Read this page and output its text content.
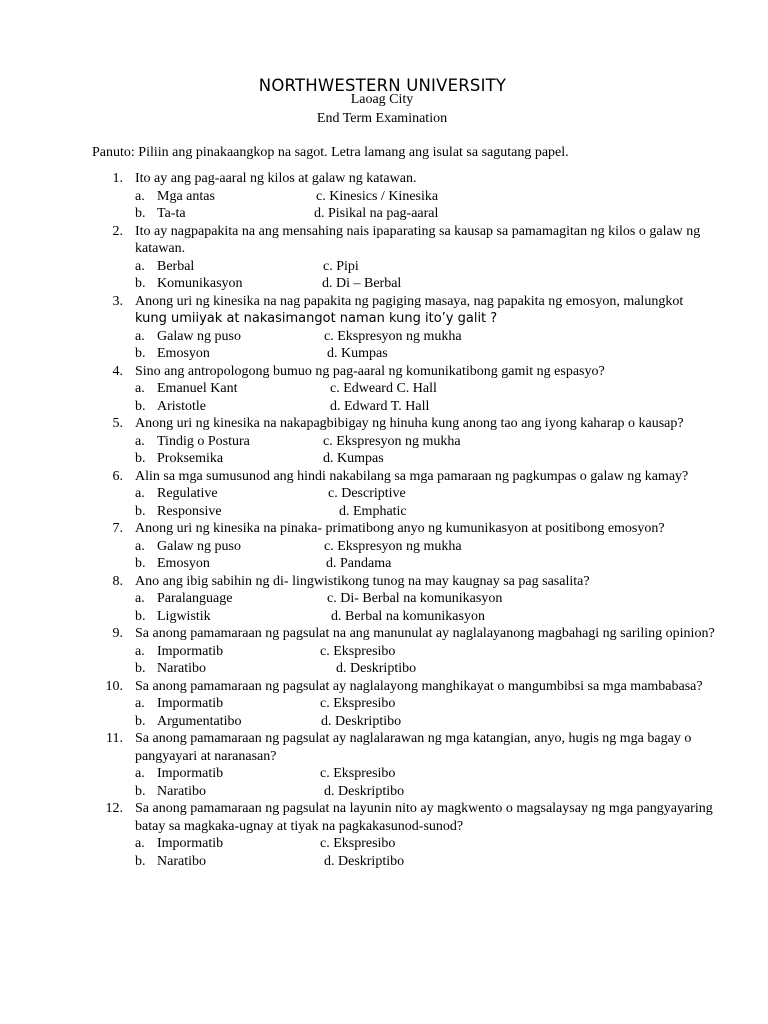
NORTHWESTERN UNIVERSITY
Laoag City
End Term Examination
Panuto: Piliin ang pinakaangkop na sagot. Letra lamang ang isulat sa sagutang papel.
1. Ito ay ang pag-aaral ng kilos at galaw ng katawan.
a. Mga antas
b. Ta-ta
c. Kinesics / Kinesika
d. Pisikal na pag-aaral
2. Ito ay nagpapakita na ang mensahing nais ipaparating sa kausap sa pamamagitan ng kilos o galaw ng katawan.
a. Berbal
b. Komunikasyon
c. Pipi
d. Di – Berbal
3. Anong uri ng kinesika na nag papakita ng pagiging masaya, nag papakita ng emosyon, malungkot
kung umiiyak at nakasimangot naman kung ito’y galit ?
a. Galaw ng puso
b. Emosyon
c. Ekspresyon ng mukha
d. Kumpas
4. Sino ang antropologong bumuo ng pag-aaral ng komunikatibong gamit ng espasyo?
a. Emanuel Kant
b. Aristotle
c. Edweard C. Hall
d. Edward T. Hall
5. Anong uri ng kinesika na nakapagbibigay ng hinuha kung anong tao ang iyong kaharap o kausap?
a. Tindig o Postura
b. Proksemika
c. Ekspresyon ng mukha
d. Kumpas
6. Alin sa mga sumusunod ang hindi nakabilang sa mga pamaraan ng pagkumpas o galaw ng kamay?
a. Regulative
b. Responsive
c. Descriptive
d. Emphatic
7. Anong uri ng kinesika na pinaka- primatibong anyo ng kumunikasyon at positibong emosyon?
a. Galaw ng puso
b. Emosyon
c. Ekspresyon ng mukha
d. Pandama
8. Ano ang ibig sabihin ng di- lingwistikong tunog na may kaugnay sa pag sasalita?
a. Paralanguage
b. Ligwistik
c. Di- Berbal na komunikasyon
d. Berbal na komunikasyon
9. Sa anong pamamaraan ng pagsulat na ang manunulat ay naglalayanong magbahagi ng sariling opinion?
a. Impormatib
b. Naratibo
c. Ekspresibo
d. Deskriptibo
10. Sa anong pamamaraan ng pagsulat ay naglalayong manghikayat o mangumbibsi sa mga mambabasa?
a. Impormatib
b. Argumentatibo
c. Ekspresibo
d. Deskriptibo
11. Sa anong pamamaraan ng pagsulat ay naglalarawan ng mga katangian, anyo, hugis ng mga bagay o pangyayari at naranasan?
a. Impormatib
b. Naratibo
c. Ekspresibo
d. Deskriptibo
12. Sa anong pamamaraan ng pagsulat na layunin nito ay magkwento o magsalaysay ng mga pangyayaring batay sa magkaka-ugnay at tiyak na pagkakasunod-sunod?
a. Impormatib
b. Naratibo
c. Ekspresibo
d. Deskriptibo
